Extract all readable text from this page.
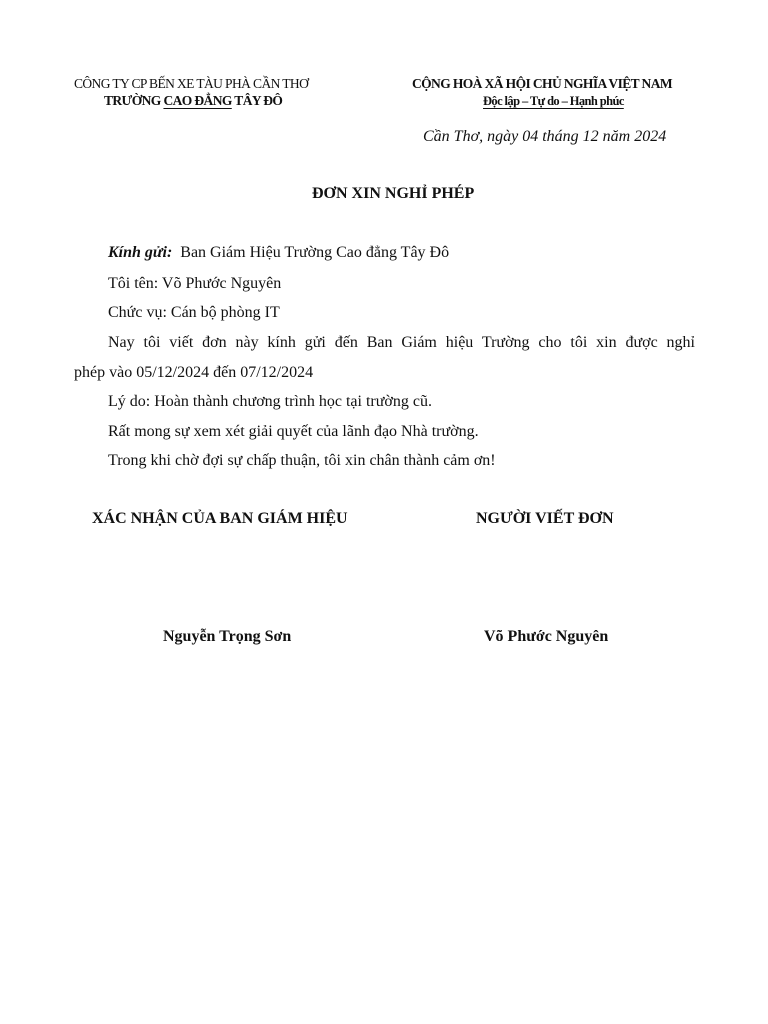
CÔNG TY CP BẾN XE TÀU PHÀ CẦN THƠ
TRƯỜNG CAO ĐẲNG TÂY ĐÔ
CỘNG HOÀ XÃ HỘI CHỦ NGHĨA VIỆT NAM
Độc lập – Tự do – Hạnh phúc
Cần Thơ, ngày 04 tháng 12 năm 2024
ĐƠN XIN NGHỈ PHÉP
Kính gửi: Ban Giám Hiệu Trường Cao đẳng Tây Đô
Tôi tên: Võ Phước Nguyên
Chức vụ: Cán bộ phòng IT
Nay tôi viết đơn này kính gửi đến Ban Giám hiệu Trường cho tôi xin được nghỉ
phép vào 05/12/2024 đến 07/12/2024
Lý do: Hoàn thành chương trình học tại trường cũ.
Rất mong sự xem xét giải quyết của lãnh đạo Nhà trường.
Trong khi chờ đợi sự chấp thuận, tôi xin chân thành cảm ơn!
XÁC NHẬN CỦA BAN GIÁM HIỆU	NGƯỜI VIẾT ĐƠN
Nguyễn Trọng Sơn	Võ Phước Nguyên
